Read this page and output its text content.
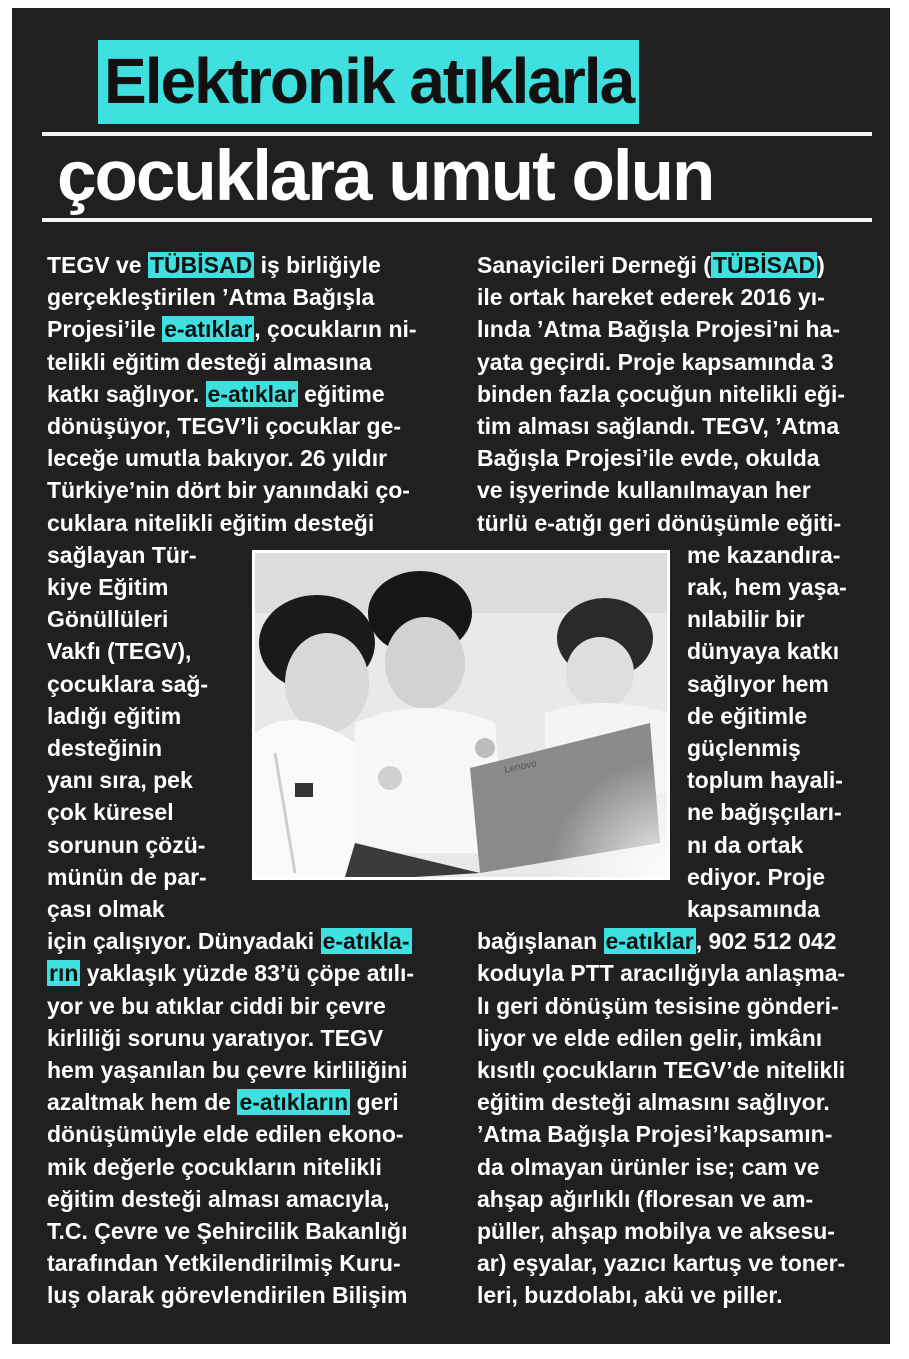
Elektronik atıklarla
çocuklara umut olun
TEGV ve TÜBİSAD iş birliğiyle
gerçekleştirilen ’Atma Bağışla
Projesi’ile e-atıklar, çocukların ni-
telikli eğitim desteği almasına
katkı sağlıyor. e-atıklar eğitime
dönüşüyor, TEGV’li çocuklar ge-
leceğe umutla bakıyor. 26 yıldır
Türkiye’nin dört bir yanındaki ço-
cuklara nitelikli eğitim desteği
sağlayan Tür-
kiye Eğitim
Gönüllüleri
Vakfı (TEGV),
çocuklara sağ-
ladığı eğitim
desteğinin
yanı sıra, pek
çok küresel
sorunun çözü-
münün de par-
çası olmak
için çalışıyor. Dünyadaki e-atıkla-
rın yaklaşık yüzde 83’ü çöpe atılı-
yor ve bu atıklar ciddi bir çevre
kirliliği sorunu yaratıyor. TEGV
hem yaşanılan bu çevre kirliliğini
azaltmak hem de e-atıkların geri
dönüşümüyle elde edilen ekono-
mik değerle çocukların nitelikli
eğitim desteği alması amacıyla,
T.C. Çevre ve Şehircilik Bakanlığı
tarafından Yetkilendirilmiş Kuru-
luş olarak görevlendirilen Bilişim
Sanayicileri Derneği (TÜBİSAD)
ile ortak hareket ederek 2016 yı-
lında ’Atma Bağışla Projesi’ni ha-
yata geçirdi. Proje kapsamında 3
binden fazla çocuğun nitelikli eği-
tim alması sağlandı. TEGV, ’Atma
Bağışla Projesi’ile evde, okulda
ve işyerinde kullanılmayan her
türlü e-atığı geri dönüşümle eğiti-
me kazandıra-
rak, hem yaşa-
nılabilir bir
dünyaya katkı
sağlıyor hem
de eğitimle
güçlenmiş
toplum hayali-
ne bağışçıları-
nı da ortak
ediyor. Proje
kapsamında
bağışlanan e-atıklar, 902 512 042
koduyla PTT aracılığıyla anlaşma-
lı geri dönüşüm tesisine gönderi-
liyor ve elde edilen gelir, imkânı
kısıtlı çocukların TEGV’de nitelikli
eğitim desteği almasını sağlıyor.
’Atma Bağışla Projesi’kapsamın-
da olmayan ürünler ise; cam ve
ahşap ağırlıklı (floresan ve am-
püller, ahşap mobilya ve aksesu-
ar) eşyalar, yazıcı kartuş ve toner-
leri, buzdolabı, akü ve piller.
Lenovo
